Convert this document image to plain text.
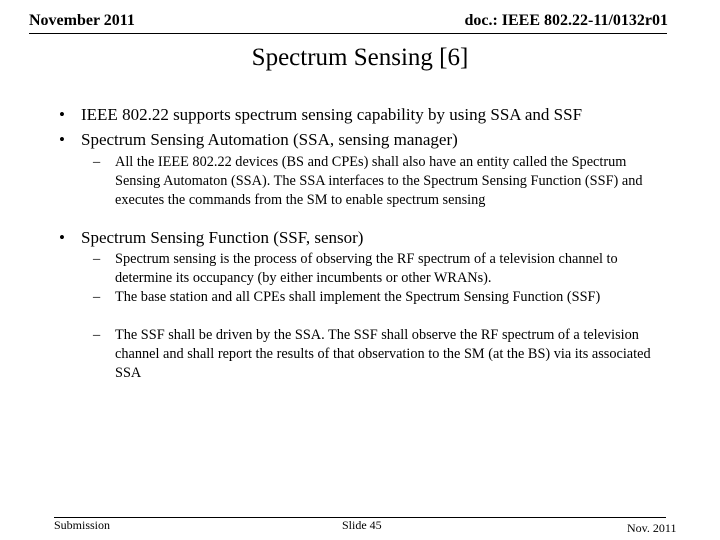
November 2011	doc.: IEEE 802.22-11/0132r01
Spectrum Sensing [6]
• IEEE 802.22 supports spectrum sensing capability by using SSA and SSF
• Spectrum Sensing Automation (SSA, sensing manager)
– All the IEEE 802.22 devices (BS and CPEs) shall also have an entity called the Spectrum Sensing Automaton (SSA). The SSA interfaces to the Spectrum Sensing Function (SSF) and executes the commands from the SM to enable spectrum sensing
• Spectrum Sensing Function (SSF, sensor)
– Spectrum sensing is the process of observing the RF spectrum of a television channel to determine its occupancy (by either incumbents or other WRANs).
– The base station and all CPEs shall implement the Spectrum Sensing Function (SSF)
– The SSF shall be driven by the SSA. The SSF shall observe the RF spectrum of a television channel and shall report the results of that observation to the SM (at the BS) via its associated SSA
Submission	Slide 45	Nov. 2011
